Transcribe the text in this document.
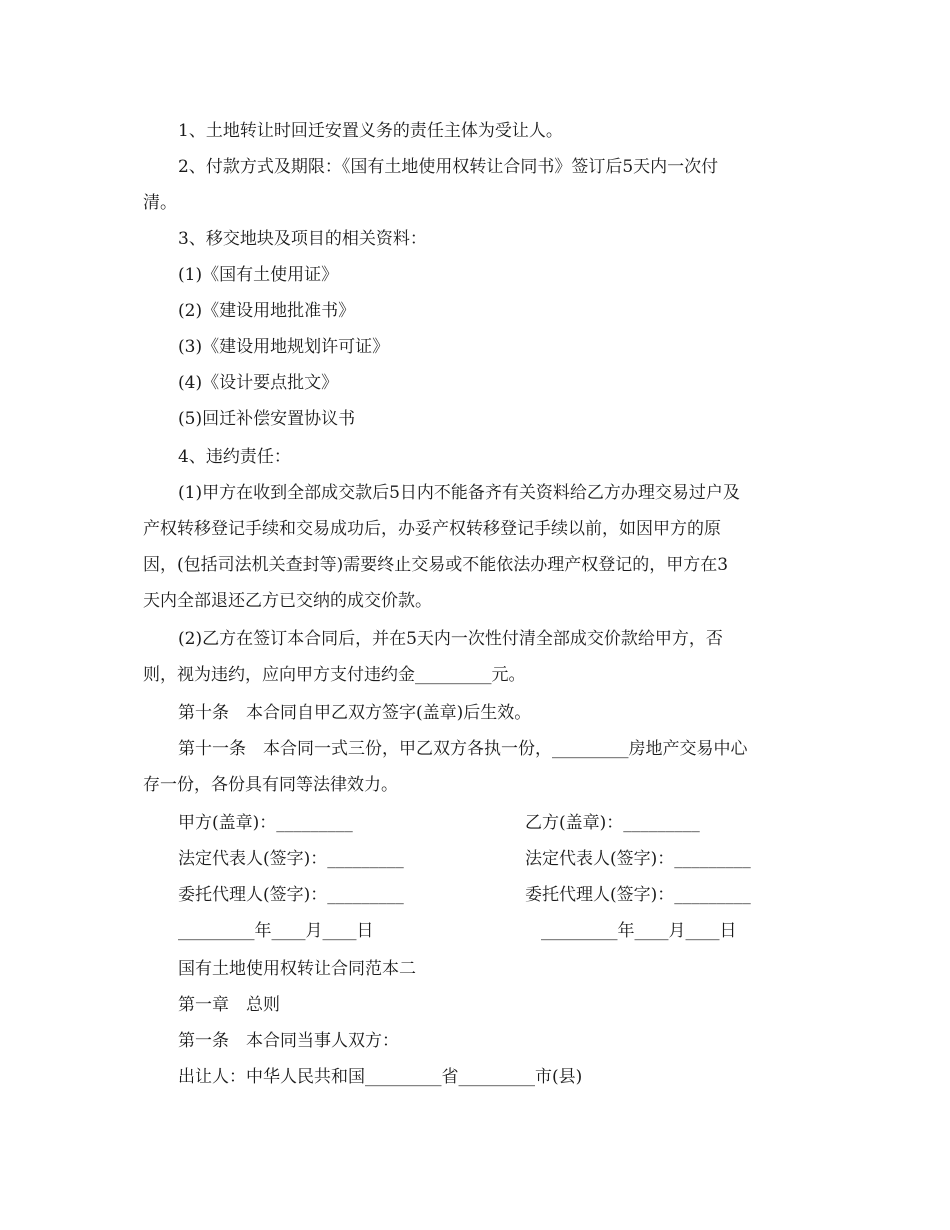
1、土地转让时回迁安置义务的责任主体为受让人。
2、付款方式及期限：《国有土地使用权转让合同书》签订后5天内一次付
清。
3、移交地块及项目的相关资料：
(1)《国有土使用证》
(2)《建设用地批准书》
(3)《建设用地规划许可证》
(4)《设计要点批文》
(5)回迁补偿安置协议书
4、违约责任：
(1)甲方在收到全部成交款后5日内不能备齐有关资料给乙方办理交易过户及
产权转移登记手续和交易成功后，办妥产权转移登记手续以前，如因甲方的原
因，(包括司法机关查封等)需要终止交易或不能依法办理产权登记的，甲方在3
天内全部退还乙方已交纳的成交价款。
(2)乙方在签订本合同后，并在5天内一次性付清全部成交价款给甲方，否
则，视为违约，应向甲方支付违约金_________元。
第十条　本合同自甲乙双方签字(盖章)后生效。
第十一条　本合同一式三份，甲乙双方各执一份，_________房地产交易中心
存一份，各份具有同等法律效力。
甲方(盖章)：_________	乙方(盖章)：_________
法定代表人(签字)：_________	法定代表人(签字)：_________
委托代理人(签字)：_________	委托代理人(签字)：_________
_________年____月____日	_________年____月____日
国有土地使用权转让合同范本二
第一章　总则
第一条　本合同当事人双方：
出让人：中华人民共和国_________省_________市(县)
